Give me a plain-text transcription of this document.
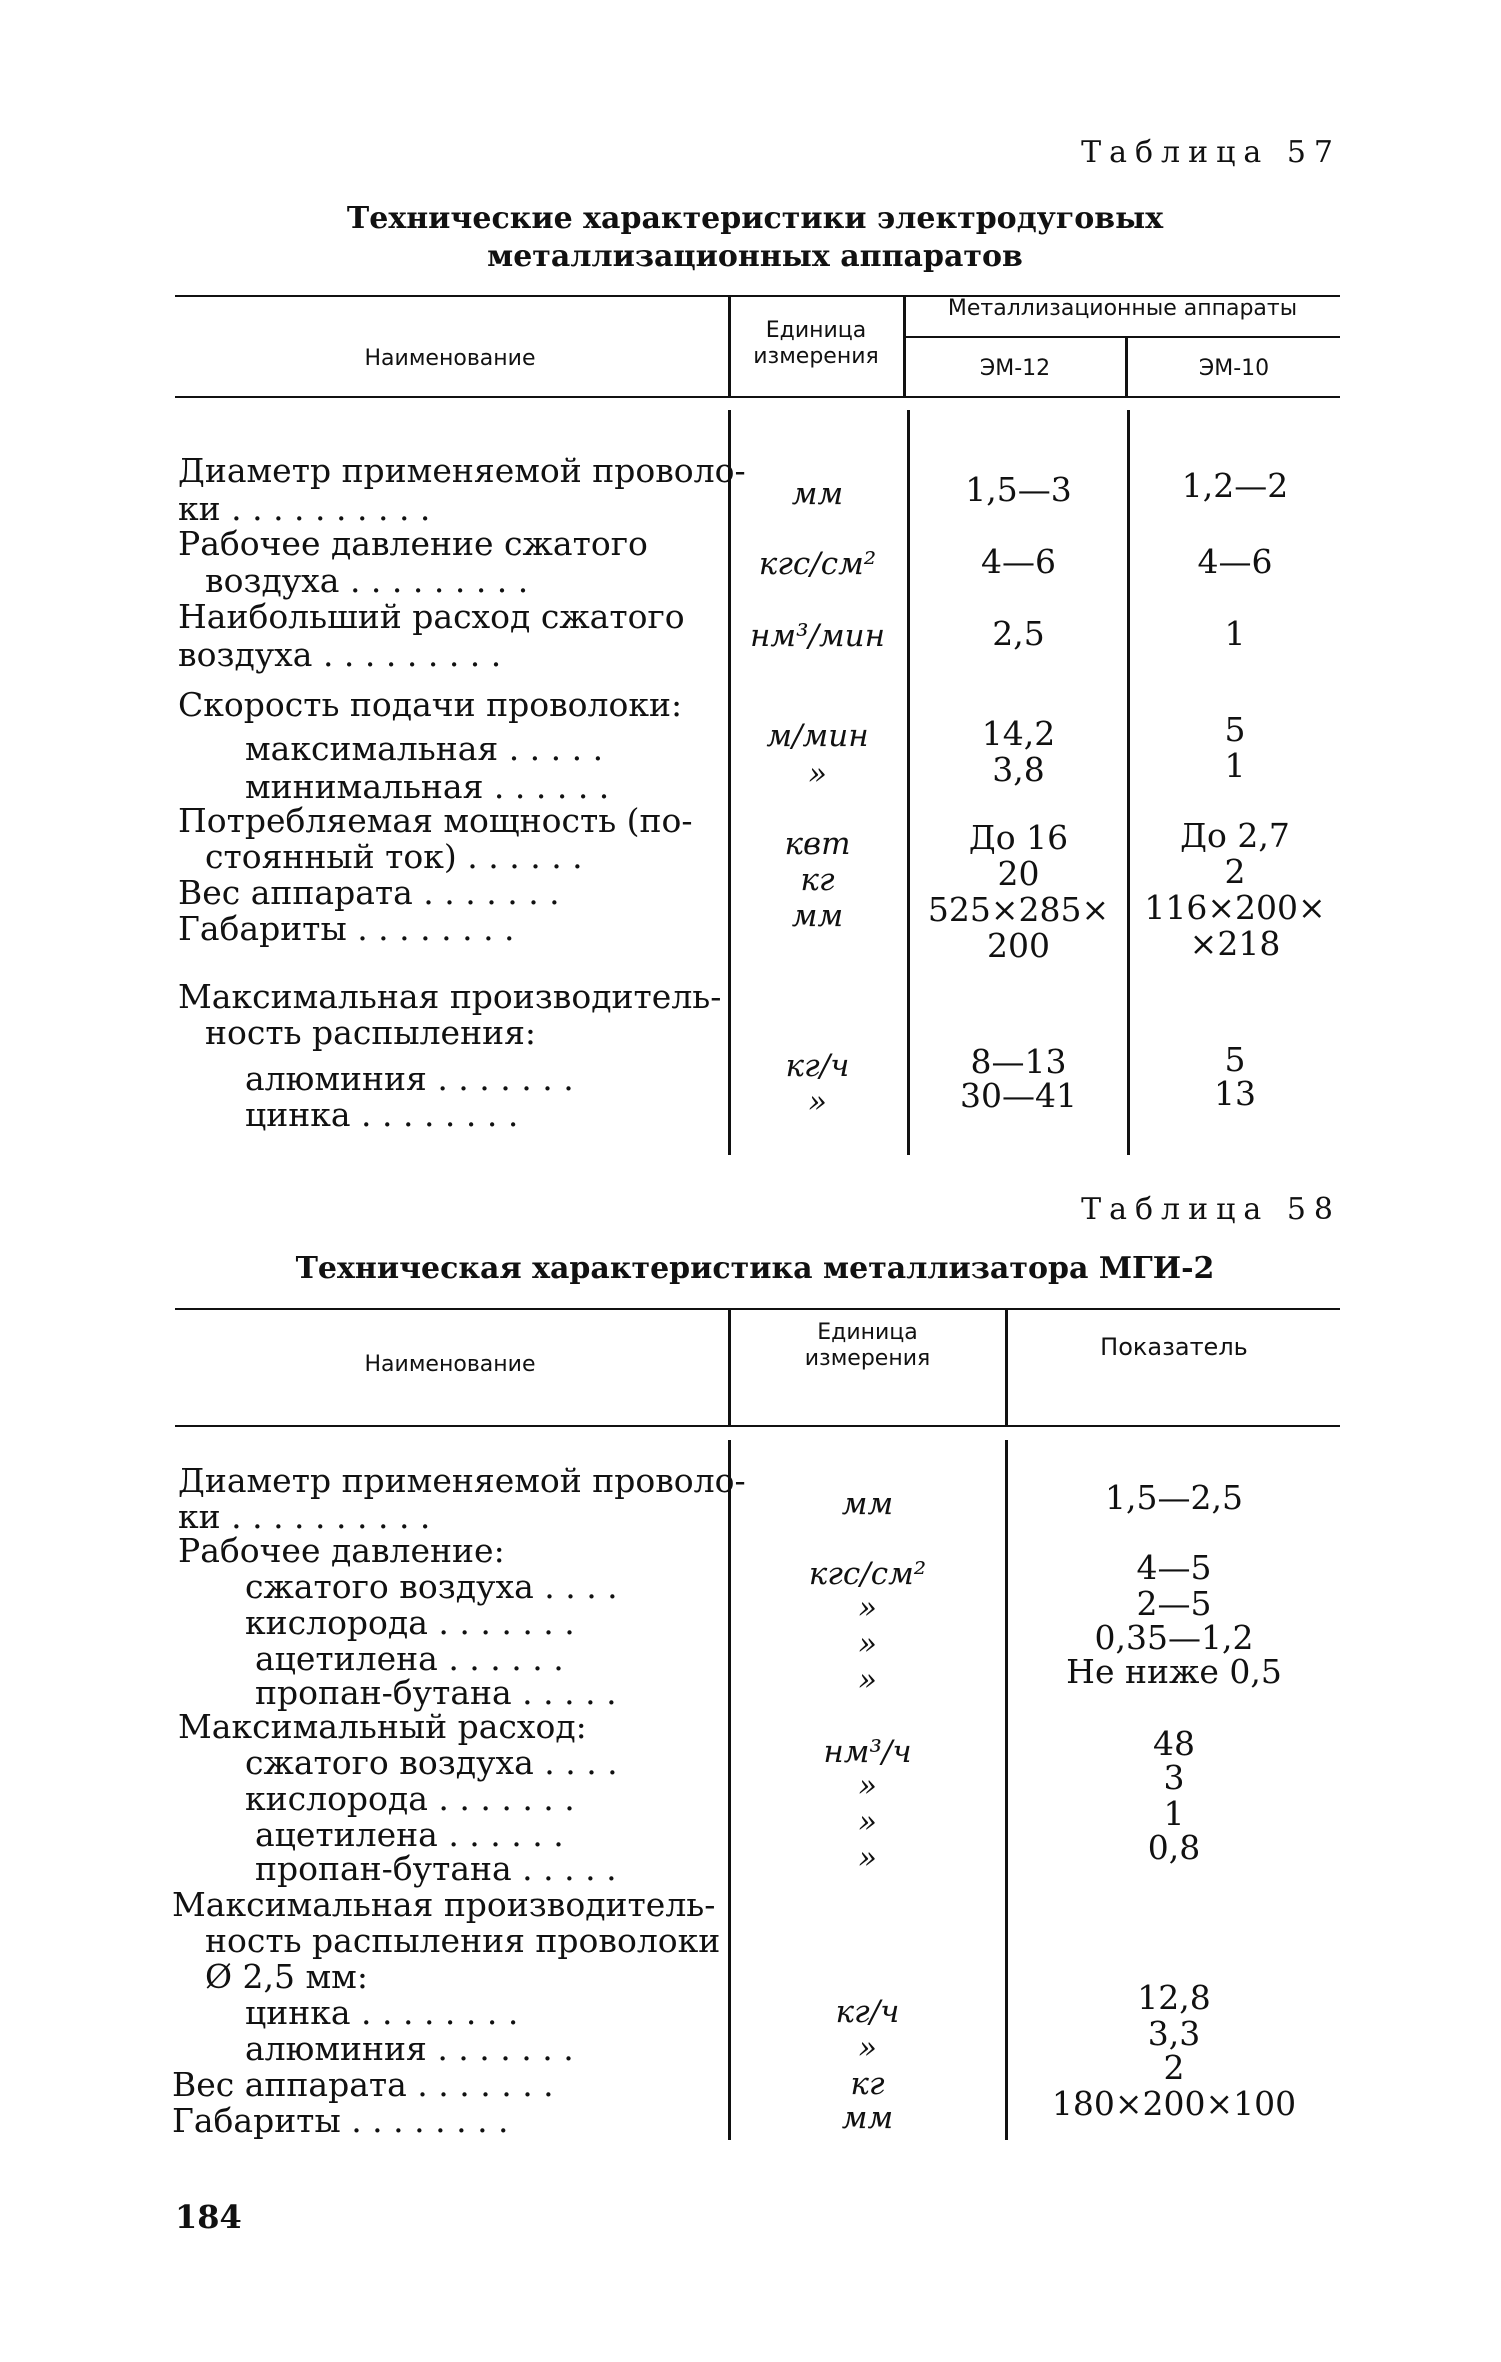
Таблица 57
Технические характеристики электродуговых
металлизационных аппаратов
Наименование
Единица
измерения
Металлизационные аппараты
ЭМ-12	ЭМ-10
Диаметр применяемой проволо-
ки . . . . . . . . . .
Рабочее давление сжатого
воздуха . . . . . . . . .
Наибольший расход сжатого
воздуха . . . . . . . . .
Скорость подачи проволоки:
максимальная . . . . .
минимальная . . . . . .
Потребляемая мощность (по-
стоянный ток) . . . . . .
Вес аппарата . . . . . . .
Габариты . . . . . . . .
Максимальная производитель-
ность распыления:
алюминия . . . . . . .
цинка . . . . . . . .
мм
кгс/см²
нм³/мин
м/мин
»
квт
кг
мм
кг/ч
»
1,5—3
4—6
2,5
14,2
3,8
До 16
20
525×285×
200
8—13
30—41
1,2—2
4—6
1
5
1
До 2,7
2
116×200×
×218
5
13
Таблица 58
Техническая характеристика металлизатора МГИ-2
Наименование
Единица
измерения	Показатель
Диаметр применяемой проволо-
ки . . . . . . . . . .
Рабочее давление:
сжатого воздуха . . . .
кислорода . . . . . . .
ацетилена . . . . . .
пропан-бутана . . . . .
Максимальный расход:
сжатого воздуха . . . .
кислорода . . . . . . .
ацетилена . . . . . .
пропан-бутана . . . . .
Максимальная производитель-
ность распыления проволоки
Ø 2,5 мм:
цинка . . . . . . . .
алюминия . . . . . . .
Вес аппарата . . . . . . .
Габариты . . . . . . . .
мм
кгс/см²
»
»
»
нм³/ч
»
»
»
кг/ч
»
кг
мм
1,5—2,5
4—5
2—5
0,35—1,2
Не ниже 0,5
48
3
1
0,8
12,8
3,3
2
180×200×100
184
